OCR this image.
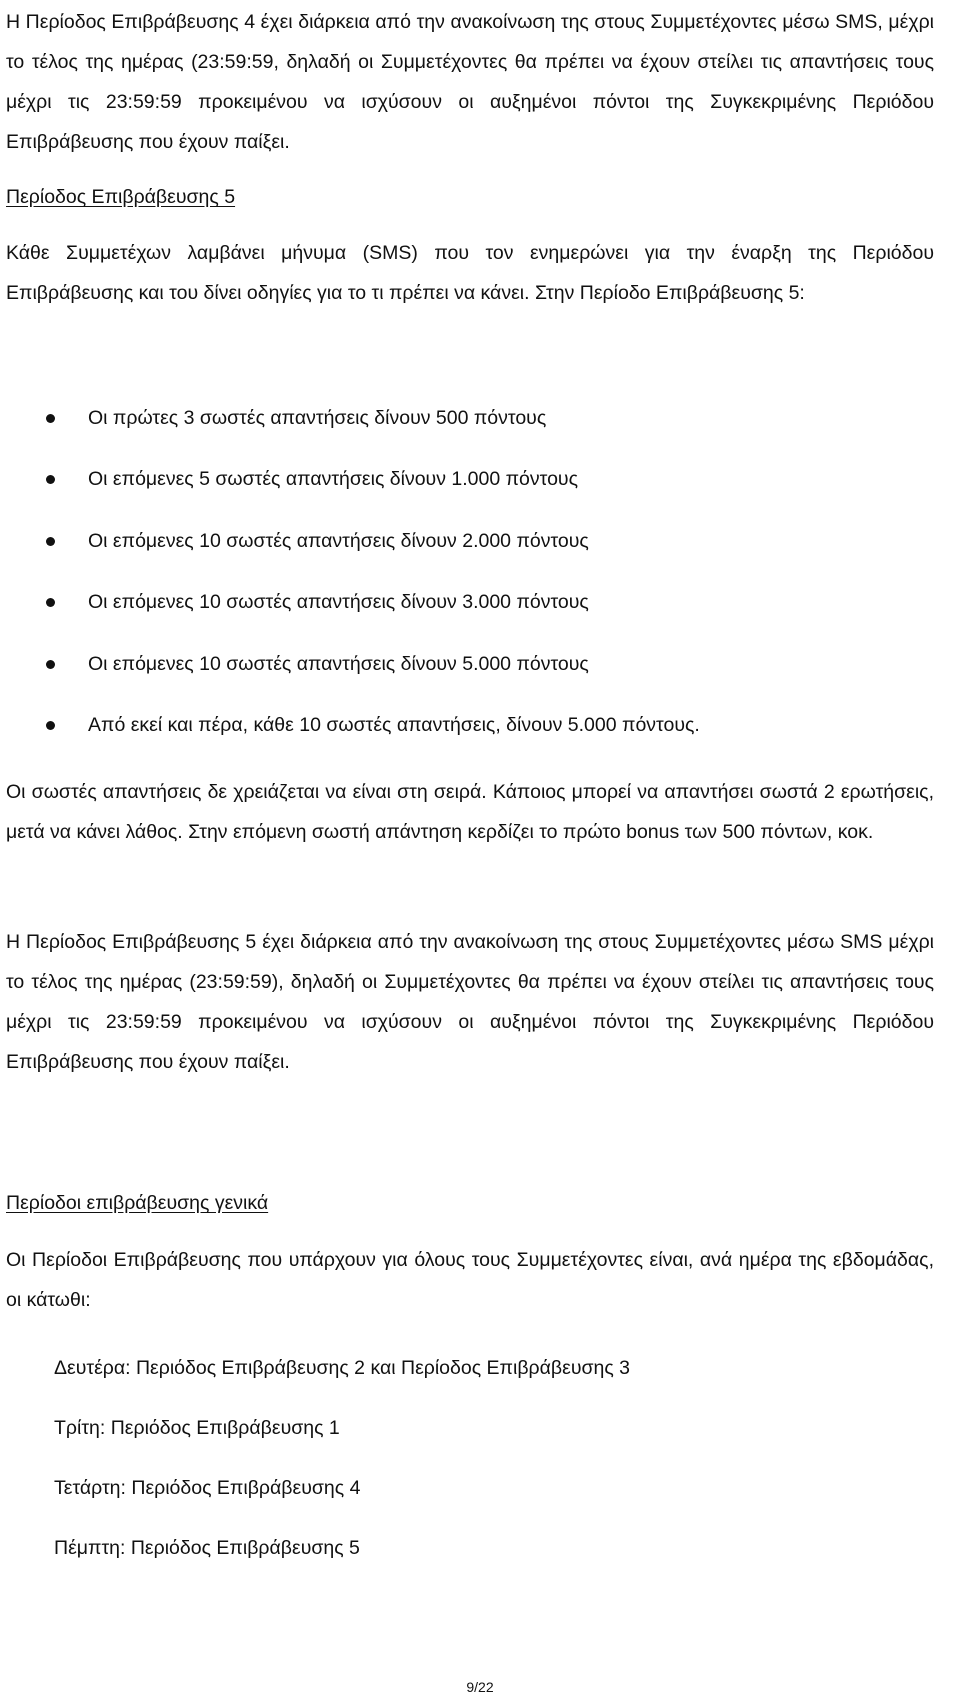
Η Περίοδος Επιβράβευσης 4 έχει διάρκεια από την ανακοίνωση της στους Συμμετέχοντες μέσω SMS, μέχρι το τέλος της ημέρας (23:59:59, δηλαδή οι Συμμετέχοντες θα πρέπει να έχουν στείλει τις απαντήσεις τους μέχρι τις 23:59:59 προκειμένου να ισχύσουν οι αυξημένοι πόντοι της Συγκεκριμένης Περιόδου Επιβράβευσης που έχουν παίξει.

Περίοδος Επιβράβευσης 5

Κάθε Συμμετέχων λαμβάνει μήνυμα (SMS) που τον ενημερώνει για την έναρξη της Περιόδου Επιβράβευσης και του δίνει οδηγίες για το τι πρέπει να κάνει. Στην Περίοδο Επιβράβευσης 5:

Οι πρώτες 3 σωστές απαντήσεις δίνουν 500 πόντους
Οι επόμενες 5 σωστές απαντήσεις δίνουν 1.000 πόντους
Οι επόμενες 10 σωστές απαντήσεις δίνουν 2.000 πόντους
Οι επόμενες 10 σωστές απαντήσεις δίνουν 3.000 πόντους
Οι επόμενες 10 σωστές απαντήσεις δίνουν 5.000 πόντους
Από εκεί και πέρα, κάθε 10 σωστές απαντήσεις, δίνουν 5.000 πόντους.

Οι σωστές απαντήσεις δε χρειάζεται να είναι στη σειρά. Κάποιος μπορεί να απαντήσει σωστά 2 ερωτήσεις, μετά να κάνει λάθος. Στην επόμενη σωστή απάντηση κερδίζει το πρώτο bonus των 500 πόντων, κοκ.

Η Περίοδος Επιβράβευσης 5 έχει διάρκεια από την ανακοίνωση της στους Συμμετέχοντες μέσω SMS μέχρι το τέλος της ημέρας (23:59:59), δηλαδή οι Συμμετέχοντες θα πρέπει να έχουν στείλει τις απαντήσεις τους μέχρι τις 23:59:59 προκειμένου να ισχύσουν οι αυξημένοι πόντοι της Συγκεκριμένης Περιόδου Επιβράβευσης που έχουν παίξει.

Περίοδοι επιβράβευσης γενικά

Οι Περίοδοι Επιβράβευσης που υπάρχουν για όλους τους Συμμετέχοντες είναι, ανά ημέρα της εβδομάδας, οι κάτωθι:

Δευτέρα: Περιόδος Επιβράβευσης 2 και Περίοδος Επιβράβευσης 3
Τρίτη: Περιόδος Επιβράβευσης 1
Τετάρτη: Περιόδος Επιβράβευσης 4
Πέμπτη: Περιόδος Επιβράβευσης 5
9/22
